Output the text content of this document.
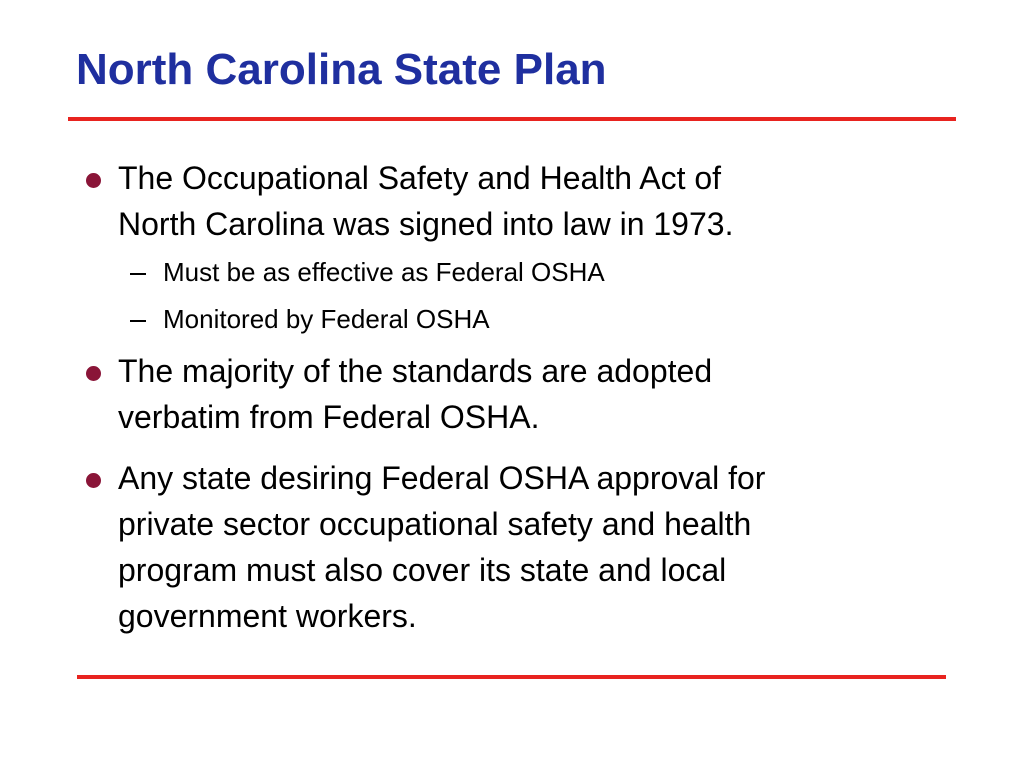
North Carolina State Plan
The Occupational Safety and Health Act of
North Carolina was signed into law in 1973.
Must be as effective as Federal OSHA
Monitored by Federal OSHA
The majority of the standards are adopted
verbatim from Federal OSHA.
Any state desiring Federal OSHA approval for
private sector occupational safety and health
program must also cover its state and local
government workers.
